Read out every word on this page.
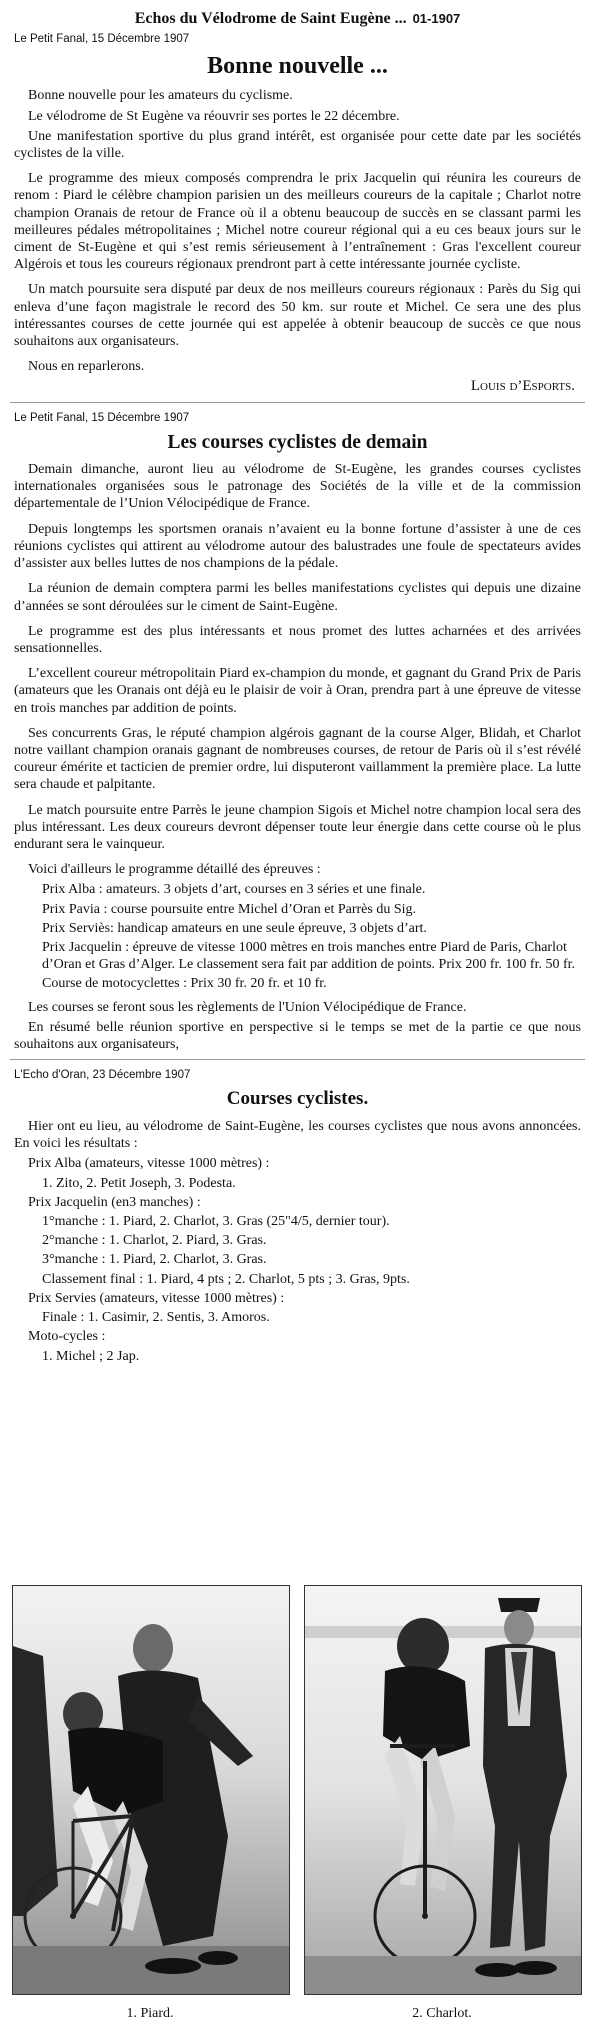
Echos du Vélodrome de Saint Eugène ... 01-1907
Le Petit Fanal, 15 Décembre 1907
Bonne nouvelle ...

Bonne nouvelle pour les amateurs du cyclisme.

Le vélodrome de St Eugène va réouvrir ses portes le 22 décembre.

Une manifestation sportive du plus grand intérêt, est organisée pour cette date par les sociétés cyclistes de la ville.

Le programme des mieux composés comprendra le prix Jacquelin qui réunira les coureurs de renom : Piard le célèbre champion parisien un des meilleurs coureurs de la capitale ; Charlot notre champion Oranais de retour de France où il a obtenu beaucoup de succès en se classant parmi les meilleures pédales métropolitaines ; Michel notre coureur régional qui a eu ces beaux jours sur le ciment de St-Eugène et qui s’est remis sérieusement à l’entraînement : Gras l'excellent coureur Algérois et tous les coureurs régionaux prendront part à cette intéressante journée cycliste.

Un match poursuite sera disputé par deux de nos meilleurs coureurs régionaux : Parès du Sig qui enleva d’une façon magistrale le record des 50 km. sur route et Michel. Ce sera une des plus intéressantes courses de cette journée qui est appelée à obtenir beaucoup de succès ce que nous souhaitons aux organisateurs.

Nous en reparlerons.

Louis d’Esports.
Le Petit Fanal, 15 Décembre 1907
Les courses cyclistes de demain

Demain dimanche, auront lieu au vélodrome de St-Eugène, les grandes courses cyclistes internationales organisées sous le patronage des Sociétés de la ville et de la commission départementale de l’Union Vélocipédique de France.

Depuis longtemps les sportsmen oranais n’avaient eu la bonne fortune d’assister à une de ces réunions cyclistes qui attirent au vélodrome autour des balustrades une foule de spectateurs avides d’assister aux belles luttes de nos champions de la pédale.

La réunion de demain comptera parmi les belles manifestations cyclistes qui depuis une dizaine d’années se sont déroulées sur le ciment de Saint-Eugène.

Le programme est des plus intéressants et nous promet des luttes acharnées et des arrivées sensationnelles.

L’excellent coureur métropolitain Piard ex-champion du monde, et gagnant du Grand Prix de Paris (amateurs que les Oranais ont déjà eu le plaisir de voir à Oran, prendra part à une épreuve de vitesse en trois manches par addition de points.

Ses concurrents Gras, le réputé champion algérois gagnant de la course Alger, Blidah, et Charlot notre vaillant champion oranais gagnant de nombreuses courses, de retour de Paris où il s’est révélé coureur émérite et tacticien de premier ordre, lui disputeront vaillamment la première place. La lutte sera chaude et palpitante.

Le match poursuite entre Parrès le jeune champion Sigois et Michel notre champion local sera des plus intéressant. Les deux coureurs devront dépenser toute leur énergie dans cette course où le plus endurant sera le vainqueur.

Voici d'ailleurs le programme détaillé des épreuves :

Prix Alba : amateurs. 3 objets d’art, courses en 3 séries et une finale.
Prix Pavia : course poursuite entre Michel d’Oran et Parrès du Sig.
Prix Serviès: handicap amateurs en une seule épreuve, 3 objets d’art.
Prix Jacquelin : épreuve de vitesse 1000 mètres en trois manches entre Piard de Paris, Charlot d’Oran et Gras d’Alger. Le classement sera fait par addition de points. Prix 200 fr. 100 fr. 50 fr.
Course de motocyclettes : Prix 30 fr. 20 fr. et 10 fr.

Les courses se feront sous les règlements de l'Union Vélocipédique de France.

En résumé belle réunion sportive en perspective si le temps se met de la partie ce que nous souhaitons aux organisateurs,

L'Echo d'Oran, 23 Décembre 1907
Courses cyclistes.

Hier ont eu lieu, au vélodrome de Saint-Eugène, les courses cyclistes que nous avons annoncées. En voici les résultats :

Prix Alba (amateurs, vitesse 1000 mètres) :
1. Zito, 2. Petit Joseph, 3. Podesta.
Prix Jacquelin (en3 manches) :
1°manche : 1. Piard, 2. Charlot, 3. Gras (25"4/5, dernier tour).
2°manche : 1. Charlot, 2. Piard, 3. Gras.
3°manche : 1. Piard, 2. Charlot, 3. Gras.
Classement final : 1. Piard, 4 pts ; 2. Charlot, 5 pts ; 3. Gras, 9pts.
Prix Servies (amateurs, vitesse 1000 mètres) :
Finale : 1. Casimir, 2. Sentis, 3. Amoros.
Moto-cycles :
1. Michel ; 2 Jap.
1. Piard.	2. Charlot.
